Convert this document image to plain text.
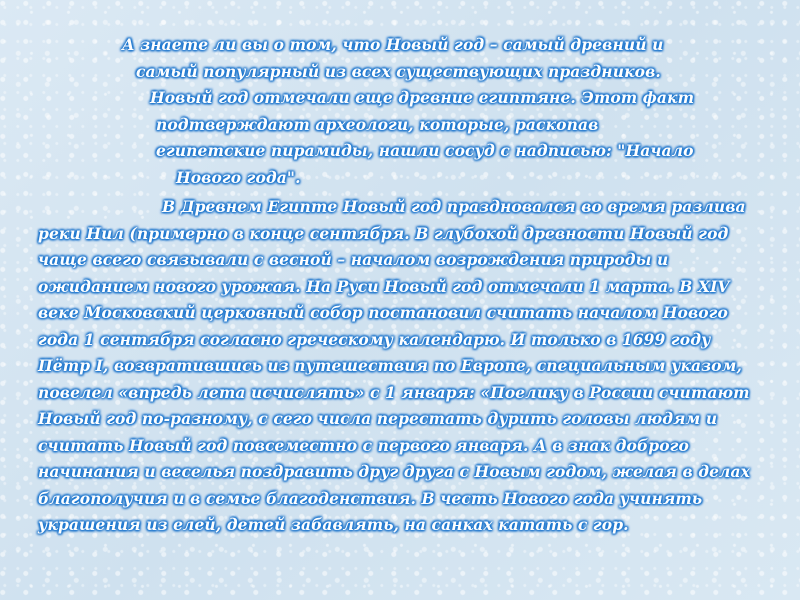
А знаете ли вы о том, что Новый год – самый древний и
самый популярный из всех существующих праздников.
Новый год отмечали еще древние египтяне. Этот факт
подтверждают археологи, которые, раскопав
египетские пирамиды, нашли сосуд с надписью: "Начало
Нового года".

В Древнем Египте Новый год праздновался во время разлива реки Нил (примерно в конце сентября. В глубокой древности Новый год чаще всего связывали с весной – началом возрождения природы и ожиданием нового урожая. На Руси Новый год отмечали 1 марта. В XIV веке Московский церковный собор постановил считать началом Нового года 1 сентября согласно греческому календарю. И только в 1699 году Пётр I, возвратившись из путешествия по Европе, специальным указом, повелел «впредь лета исчислять» с 1 января: «Поелику в России считают Новый год по-разному, с сего числа перестать дурить головы людям и считать Новый год повсеместно с первого января. А в знак доброго начинания и веселья поздравить друг друга с Новым годом, желая в делах благополучия и в семье благоденствия. В честь Нового года учинять украшения из елей, детей забавлять, на санках катать с гор.
